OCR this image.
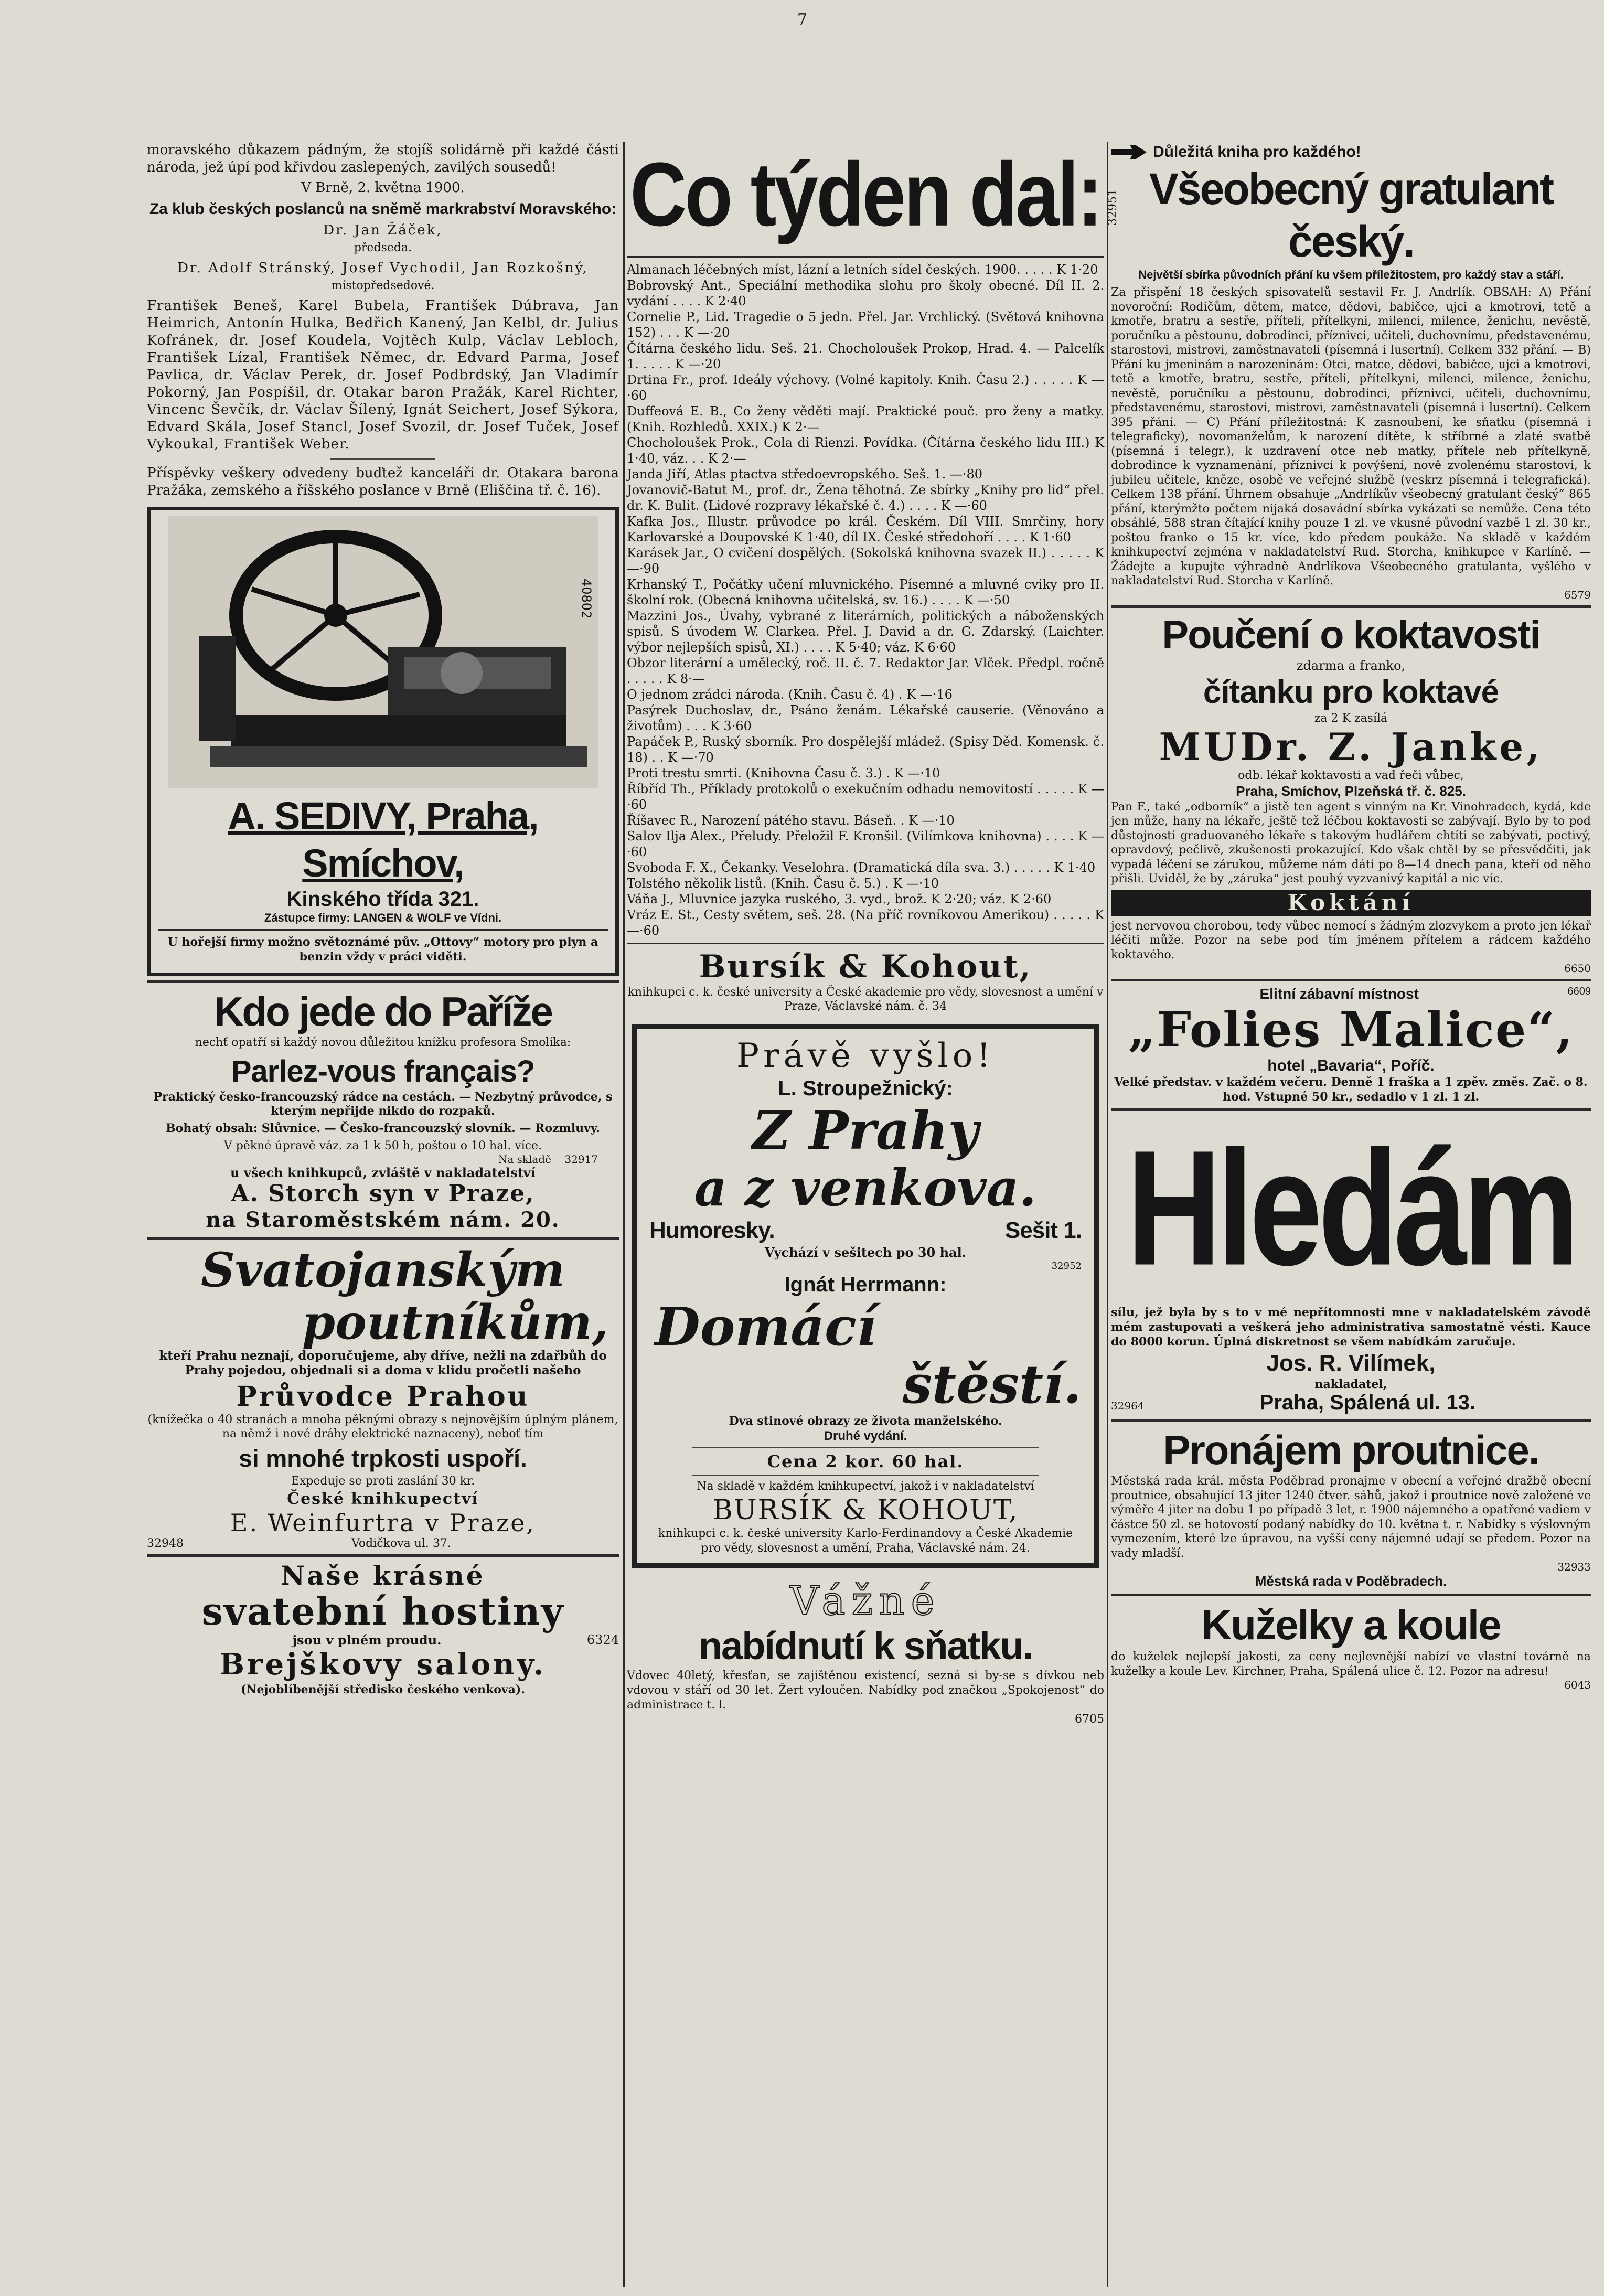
7

moravského důkazem pádným, že stojíš solidárně při každé části národa, jež úpí pod křivdou zaslepených, zavilých sousedů!

V Brně, 2. května 1900.

Za klub českých poslanců na sněmě markrabství Moravského:

Dr. Jan Žáček,

předseda.

Dr. Adolf Stránský, Josef Vychodil, Jan Rozkošný,

místopředsedové.

František Beneš, Karel Bubela, František Dúbrava, Jan Heimrich, Antonín Hulka, Bedřich Kanený, Jan Kelbl, dr. Julius Kofránek, dr. Josef Koudela, Vojtěch Kulp, Václav Lebloch, František Lízal, František Němec, dr. Edvard Parma, Josef Pavlica, dr. Václav Perek, dr. Josef Podbrdský, Jan Vladimír Pokorný, Jan Pospíšil, dr. Otakar baron Pražák, Karel Richter, Vincenc Ševčík, dr. Václav Šílený, Ignát Seichert, Josef Sýkora, Edvard Skála, Josef Stancl, Josef Svozil, dr. Josef Tuček, Josef Vykoukal, František Weber.

Příspěvky veškery odvedeny buďtež kanceláři dr. Otakara barona Pražáka, zemského a říšského poslance v Brně (Eliščina tř. č. 16).

40802
A. SEDIVY, Praha, Smíchov,
Kinského třída 321.
Zástupce firmy: LANGEN & WOLF ve Vídni.
U hořejší firmy možno světoznámé pův. „Ottovy“ motory pro plyn a benzin vždy v práci viděti.
Kdo jede do Paříže

nechť opatří si každý novou důležitou knížku profesora Smolíka:

Parlez-vous français?

Praktický česko-francouzský rádce na cestách. — Nezbytný průvodce, s kterým nepřijde nikdo do rozpaků.

Bohatý obsah: Slůvnice. — Česko-francouzský slovník. — Rozmluvy.

V pěkné úpravě váz. za 1 k 50 h, poštou o 10 hal. více.

Na skladě 32917

u všech knihkupců, zvláště v nakladatelství

A. Storch syn v Praze,
na Staroměstském nám. 20.
Svatojanským
poutníkům,

kteří Prahu neznají, doporučujeme, aby dříve, nežli na zdařbůh do Prahy pojedou, objednali si a doma v klidu pročetli našeho

Průvodce Prahou

(knížečka o 40 stranách a mnoha pěknými obrazy s nejnovějším úplným plánem, na němž i nové dráhy elektrické naznaceny), neboť tím

si mnohé trpkosti uspoří.

Expeduje se proti zaslání 30 kr.

České knihkupectví
E. Weinfurtra v Praze,
32948	Vodičkova ul. 37.
Naše krásné
svatební hostiny
jsou v plném proudu.	6324
Brejškovy salony.

(Nejoblíbenější středisko českého venkova).

Co týden dal: 32951

Almanach léčebných míst, lázní a letních sídel českých. 1900. . . . . K 1·20

Bobrovský Ant., Speciální methodika slohu pro školy obecné. Díl II. 2. vydání . . . . K 2·40

Cornelie P., Lid. Tragedie o 5 jedn. Přel. Jar. Vrchlický. (Světová knihovna 152) . . . K —·20

Čítárna českého lidu. Seš. 21. Chocholoušek Prokop, Hrad. 4. — Palcelík 1. . . . . K —·20

Drtina Fr., prof. Ideály výchovy. (Volné kapitoly. Knih. Času 2.) . . . . . K —·60

Duffeová E. B., Co ženy věděti mají. Praktické pouč. pro ženy a matky. (Knih. Rozhledů. XXIX.) K 2·—

Chocholoušek Prok., Cola di Rienzi. Povídka. (Čítárna českého lidu III.) K 1·40, váz. . . K 2·—

Janda Jiří, Atlas ptactva středoevropského. Seš. 1. —·80

Jovanovič-Batut M., prof. dr., Žena těhotná. Ze sbírky „Knihy pro lid“ přel. dr. K. Bulit. (Lidové rozpravy lékařské č. 4.) . . . . K —·60

Kafka Jos., Illustr. průvodce po král. Českém. Díl VIII. Smrčiny, hory Karlovarské a Doupovské K 1·40, díl IX. České středohoří . . . . K 1·60

Karásek Jar., O cvičení dospělých. (Sokolská knihovna svazek II.) . . . . . K —·90

Krhanský T., Počátky učení mluvnického. Písemné a mluvné cviky pro II. školní rok. (Obecná knihovna učitelská, sv. 16.) . . . . K —·50

Mazzini Jos., Úvahy, vybrané z literárních, politických a náboženských spisů. S úvodem W. Clarkea. Přel. J. David a dr. G. Zdarský. (Laichter. výbor nejlepších spisů, XI.) . . . . K 5·40; váz. K 6·60

Obzor literární a umělecký, roč. II. č. 7. Redaktor Jar. Vlček. Předpl. ročně . . . . . K 8·—

O jednom zrádci národa. (Knih. Času č. 4) . K —·16

Pasýrek Duchoslav, dr., Psáno ženám. Lékařské causerie. (Věnováno a životům) . . . K 3·60

Papáček P., Ruský sborník. Pro dospělejší mládež. (Spisy Děd. Komensk. č. 18) . . K —·70

Proti trestu smrti. (Knihovna Času č. 3.) . K —·10

Říbříd Th., Příklady protokolů o exekučním odhadu nemovitostí . . . . . K —·60

Říšavec R., Narození pátého stavu. Báseň. . K —·10

Salov Ilja Alex., Přeludy. Přeložil F. Kronšil. (Vilímkova knihovna) . . . . K —·60

Svoboda F. X., Čekanky. Veselohra. (Dramatická díla sva. 3.) . . . . . K 1·40

Tolstého několik listů. (Knih. Času č. 5.) . K —·10

Váňa J., Mluvnice jazyka ruského, 3. vyd., brož. K 2·20; váz. K 2·60

Vráz E. St., Cesty světem, seš. 28. (Na příč rovníkovou Amerikou) . . . . . K —·60

Bursík & Kohout,

knihkupci c. k. české university a České akademie pro vědy, slovesnost a umění v Praze, Václavské nám. č. 34

Právě vyšlo!
L. Stroupežnický:
Z Prahy
a z venkova.
Humoresky.	Sešit 1.
Vychází v sešitech po 30 hal.
32952
Ignát Herrmann:
Domácí
štěstí.
Dva stinové obrazy ze života manželského.
Druhé vydání.
Cena 2 kor. 60 hal.
Na skladě v každém knihkupectví, jakož i v nakladatelství
BURSÍK & KOHOUT,
knihkupci c. k. české university Karlo-Ferdinandovy a České Akademie pro vědy, slovesnost a umění, Praha, Václavské nám. 24.
Vážné
nabídnutí k sňatku.

Vdovec 40letý, křesťan, se zajištěnou existencí, sezná si by-se s dívkou neb vdovou v stáří od 30 let. Žert vyloučen. Nabídky pod značkou „Spokojenost“ do administrace t. l.

6705
Důležitá kniha pro každého!
Všeobecný gratulant český.

Největší sbírka původních přání ku všem příležitostem, pro každý stav a stáří.

Za přispění 18 českých spisovatelů sestavil Fr. J. Andrlík. OBSAH: A) Přání novoroční: Rodičům, dětem, matce, dědovi, babičce, ujci a kmotrovi, tetě a kmotře, bratru a sestře, příteli, přítelkyni, milenci, milence, ženichu, nevěstě, poručníku a pěstounu, dobrodinci, příznivci, učiteli, duchovnímu, představenému, starostovi, mistrovi, zaměstnavateli (písemná i lusertní). Celkem 332 přání. — B) Přání ku jmeninám a narozeninám: Otci, matce, dědovi, babičce, ujci a kmotrovi, tetě a kmotře, bratru, sestře, příteli, přítelkyni, milenci, milence, ženichu, nevěstě, poručníku a pěstounu, dobrodinci, příznivci, učiteli, duchovnímu, představenému, starostovi, mistrovi, zaměstnavateli (písemná i lusertní). Celkem 395 přání. — C) Přání příležitostná: K zasnoubení, ke sňatku (písemná i telegraficky), novomanželům, k narození dítěte, k stříbrné a zlaté svatbě (písemná i telegr.), k uzdravení otce neb matky, přítele neb přítelkyně, dobrodince k vyznamenání, příznivci k povýšení, nově zvolenému starostovi, k jubileu učitele, kněze, osobě ve veřejné službě (veskrz písemná i telegrafická). Celkem 138 přání. Úhrnem obsahuje „Andrlíkův všeobecný gratulant český“ 865 přání, kterýmžto počtem nijaká dosavádní sbírka vykázati se nemůže. Cena této obsáhlé, 588 stran čítající knihy pouze 1 zl. ve vkusné původní vazbě 1 zl. 30 kr., poštou franko o 15 kr. více, kdo předem poukáže. Na skladě v každém knihkupectví zejména v nakladatelství Rud. Storcha, knihkupce v Karlíně. — Žádejte a kupujte výhradně Andrlíkova Všeobecného gratulanta, vyšlého v nakladatelství Rud. Storcha v Karlíně.

6579
Poučení o koktavosti
zdarma a franko,
čítanku pro koktavé
za 2 K zasílá
MUDr. Z. Janke,
odb. lékař koktavosti a vad řeči vůbec,
Praha, Smíchov, Plzeňská tř. č. 825.

Pan F., také „odborník“ a jistě ten agent s vinným na Kr. Vinohradech, kydá, kde jen může, hany na lékaře, ještě tež léčbou koktavosti se zabývají. Bylo by to pod důstojnosti graduovaného lékaře s takovým hudlářem chtíti se zabývati, poctivý, opravdový, pečlivě, zkušenosti prokazující. Kdo však chtěl by se přesvědčiti, jak vypadá léčení se zárukou, můžeme nám dáti po 8—14 dnech pana, kteří od něho přišli. Uviděl, že by „záruka“ jest pouhý vyzvanivý kapitál a nic víc.

Koktání

jest nervovou chorobou, tedy vůbec nemocí s žádným zlozvykem a proto jen lékař léčiti může. Pozor na sebe pod tím jménem přítelem a rádcem každého koktavého.

6650
Elitní zábavní místnost	6609
„Folies Malice“,
hotel „Bavaria“, Poříč.

Velké představ. v každém večeru. Denně 1 fraška a 1 zpěv. změs. Zač. o 8. hod. Vstupné 50 kr., sedadlo v 1 zl. 1 zl.

Hledám

sílu, jež byla by s to v mé nepřítomnosti mne v nakladatelském závodě mém zastupovati a veškerá jeho administrativa samostatně vésti. Kauce do 8000 korun. Úplná diskretnost se všem nabídkám zaručuje.

Jos. R. Vilímek,
nakladatel,
32964	Praha, Spálená ul. 13.
Pronájem proutnice.

Městská rada král. města Poděbrad pronajme v obecní a veřejné dražbě obecní proutnice, obsahující 13 jiter 1240 čtver. sáhů, jakož i proutnice nově založené ve výměře 4 jiter na dobu 1 po případě 3 let, r. 1900 nájemného a opatřené vadiem v částce 50 zl. se hotovostí podaný nabídky do 10. května t. r. Nabídky s výslovným vymezením, které lze úpravou, na vyšší ceny nájemné udají se předem. Pozor na vady mladší.

32933
Městská rada v Poděbradech.
Kuželky a koule

do kuželek nejlepší jakosti, za ceny nejlevnější nabízí ve vlastní továrně na kuželky a koule Lev. Kirchner, Praha, Spálená ulice č. 12. Pozor na adresu!

6043
